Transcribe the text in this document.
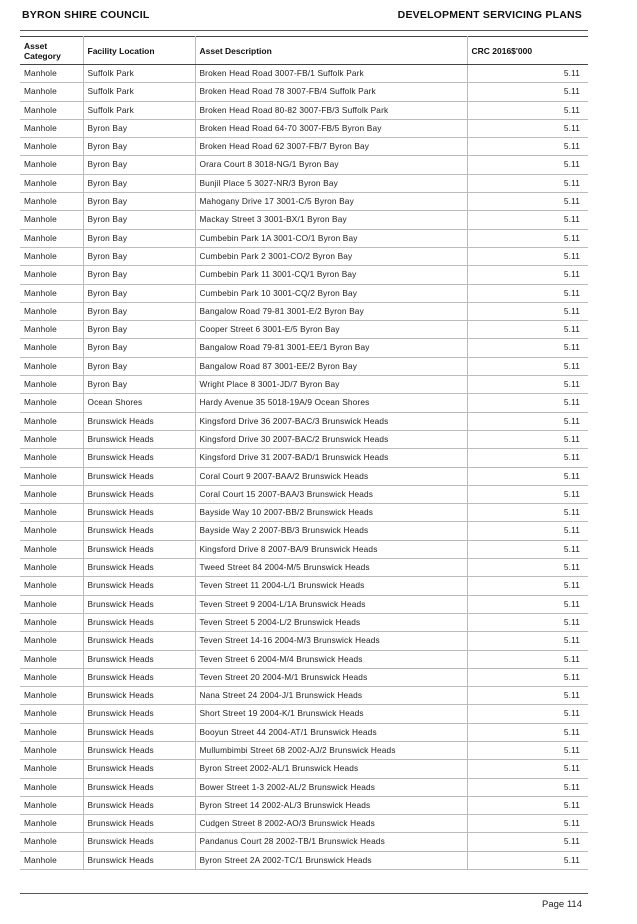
BYRON SHIRE COUNCIL	DEVELOPMENT SERVICING PLANS
Asset Category	Facility Location	Asset Description	CRC 2016$'000
Manhole	Suffolk Park	Broken Head Road 3007-FB/1 Suffolk Park	5.11
Manhole	Suffolk Park	Broken Head Road 78 3007-FB/4 Suffolk Park	5.11
Manhole	Suffolk Park	Broken Head Road 80-82 3007-FB/3 Suffolk Park	5.11
Manhole	Byron Bay	Broken Head Road 64-70 3007-FB/5 Byron Bay	5.11
Manhole	Byron Bay	Broken Head Road 62 3007-FB/7 Byron Bay	5.11
Manhole	Byron Bay	Orara Court 8 3018-NG/1 Byron Bay	5.11
Manhole	Byron Bay	Bunjil Place 5 3027-NR/3 Byron Bay	5.11
Manhole	Byron Bay	Mahogany Drive 17 3001-C/5 Byron Bay	5.11
Manhole	Byron Bay	Mackay Street 3 3001-BX/1 Byron Bay	5.11
Manhole	Byron Bay	Cumbebin Park 1A 3001-CO/1 Byron Bay	5.11
Manhole	Byron Bay	Cumbebin Park 2 3001-CO/2 Byron Bay	5.11
Manhole	Byron Bay	Cumbebin Park 11 3001-CQ/1 Byron Bay	5.11
Manhole	Byron Bay	Cumbebin Park 10 3001-CQ/2 Byron Bay	5.11
Manhole	Byron Bay	Bangalow Road 79-81 3001-E/2 Byron Bay	5.11
Manhole	Byron Bay	Cooper Street 6 3001-E/5 Byron Bay	5.11
Manhole	Byron Bay	Bangalow Road 79-81 3001-EE/1 Byron Bay	5.11
Manhole	Byron Bay	Bangalow Road 87 3001-EE/2 Byron Bay	5.11
Manhole	Byron Bay	Wright Place 8 3001-JD/7 Byron Bay	5.11
Manhole	Ocean Shores	Hardy Avenue 35 5018-19A/9 Ocean Shores	5.11
Manhole	Brunswick Heads	Kingsford Drive 36 2007-BAC/3 Brunswick Heads	5.11
Manhole	Brunswick Heads	Kingsford Drive 30 2007-BAC/2 Brunswick Heads	5.11
Manhole	Brunswick Heads	Kingsford Drive 31 2007-BAD/1 Brunswick Heads	5.11
Manhole	Brunswick Heads	Coral Court 9 2007-BAA/2 Brunswick Heads	5.11
Manhole	Brunswick Heads	Coral Court 15 2007-BAA/3 Brunswick Heads	5.11
Manhole	Brunswick Heads	Bayside Way 10 2007-BB/2 Brunswick Heads	5.11
Manhole	Brunswick Heads	Bayside Way 2 2007-BB/3 Brunswick Heads	5.11
Manhole	Brunswick Heads	Kingsford Drive 8 2007-BA/9 Brunswick Heads	5.11
Manhole	Brunswick Heads	Tweed Street 84 2004-M/5 Brunswick Heads	5.11
Manhole	Brunswick Heads	Teven Street 11 2004-L/1 Brunswick Heads	5.11
Manhole	Brunswick Heads	Teven Street 9 2004-L/1A Brunswick Heads	5.11
Manhole	Brunswick Heads	Teven Street 5 2004-L/2 Brunswick Heads	5.11
Manhole	Brunswick Heads	Teven Street 14-16 2004-M/3 Brunswick Heads	5.11
Manhole	Brunswick Heads	Teven Street 6 2004-M/4 Brunswick Heads	5.11
Manhole	Brunswick Heads	Teven Street 20 2004-M/1 Brunswick Heads	5.11
Manhole	Brunswick Heads	Nana Street 24 2004-J/1 Brunswick Heads	5.11
Manhole	Brunswick Heads	Short Street 19 2004-K/1 Brunswick Heads	5.11
Manhole	Brunswick Heads	Booyun Street 44 2004-AT/1 Brunswick Heads	5.11
Manhole	Brunswick Heads	Mullumbimbi Street 68 2002-AJ/2 Brunswick Heads	5.11
Manhole	Brunswick Heads	Byron Street 2002-AL/1 Brunswick Heads	5.11
Manhole	Brunswick Heads	Bower Street 1-3 2002-AL/2 Brunswick Heads	5.11
Manhole	Brunswick Heads	Byron Street 14 2002-AL/3 Brunswick Heads	5.11
Manhole	Brunswick Heads	Cudgen Street 8 2002-AO/3 Brunswick Heads	5.11
Manhole	Brunswick Heads	Pandanus Court 28 2002-TB/1 Brunswick Heads	5.11
Manhole	Brunswick Heads	Byron Street 2A 2002-TC/1 Brunswick Heads	5.11
Page 114
